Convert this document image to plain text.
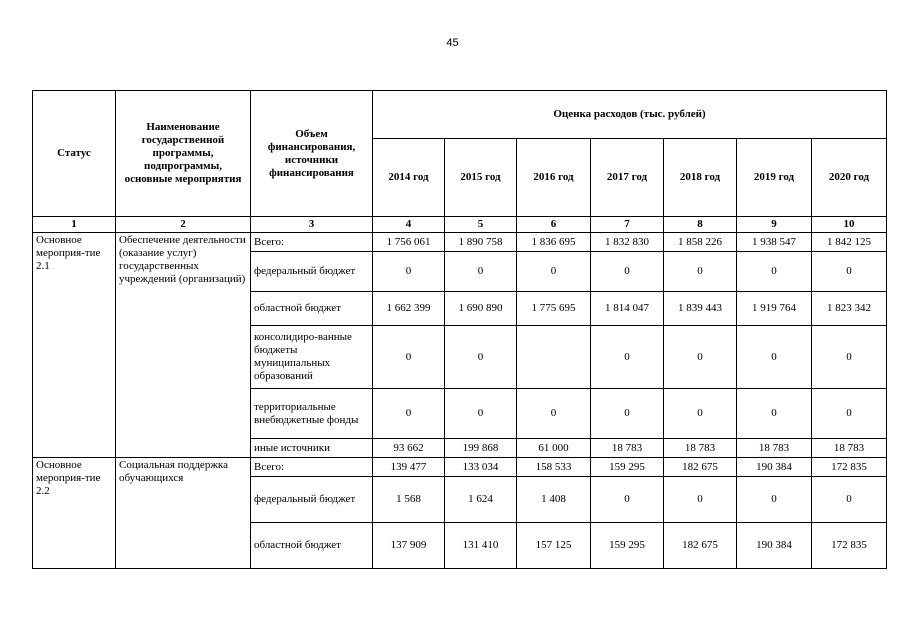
45
Статус	Наименование государственной программы, подпрограммы, основные мероприятия	Объем финансирования, источники финансирования	Оценка расходов (тыс. рублей)						
			2014 год	2015 год	2016 год	2017 год	2018 год	2019 год	2020 год
1	2	3	4	5	6	7	8	9	10
Основное мероприя-тие 2.1	Обеспечение деятельности (оказание услуг) государственных учреждений (организаций)	Всего:	1 756 061	1 890 758	1 836 695	1 832 830	1 858 226	1 938 547	1 842 125
		федеральный бюджет	0	0	0	0	0	0	0
		областной бюджет	1 662 399	1 690 890	1 775 695	1 814 047	1 839 443	1 919 764	1 823 342
		консолидиро-ванные бюджеты муниципальных образований	0	0		0	0	0	0
		территориальные внебюджетные фонды	0	0	0	0	0	0	0
		иные источники	93 662	199 868	61 000	18 783	18 783	18 783	18 783
Основное мероприя-тие 2.2	Социальная поддержка обучающихся	Всего:	139 477	133 034	158 533	159 295	182 675	190 384	172 835
		федеральный бюджет	1 568	1 624	1 408	0	0	0	0
		областной бюджет	137 909	131 410	157 125	159 295	182 675	190 384	172 835
